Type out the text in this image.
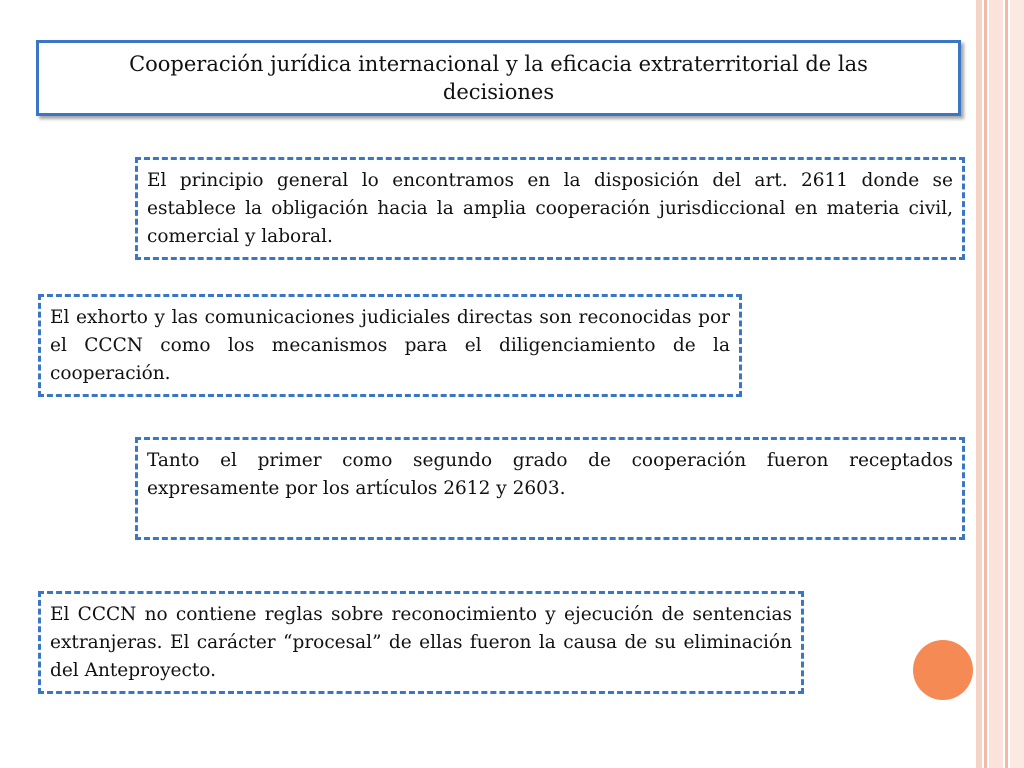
Cooperación jurídica internacional y la eficacia extraterritorial de las decisiones

El principio general lo encontramos en la disposición del art. 2611 donde se establece la obligación hacia la amplia cooperación jurisdiccional en materia civil, comercial y laboral.

El exhorto y las comunicaciones judiciales directas son reconocidas por el CCCN como los mecanismos para el diligenciamiento de la cooperación.

Tanto el primer como segundo grado de cooperación fueron receptados expresamente por los artículos 2612 y 2603.

El CCCN no contiene reglas sobre reconocimiento y ejecución de sentencias extranjeras. El carácter “procesal” de ellas fueron la causa de su eliminación del Anteproyecto.
